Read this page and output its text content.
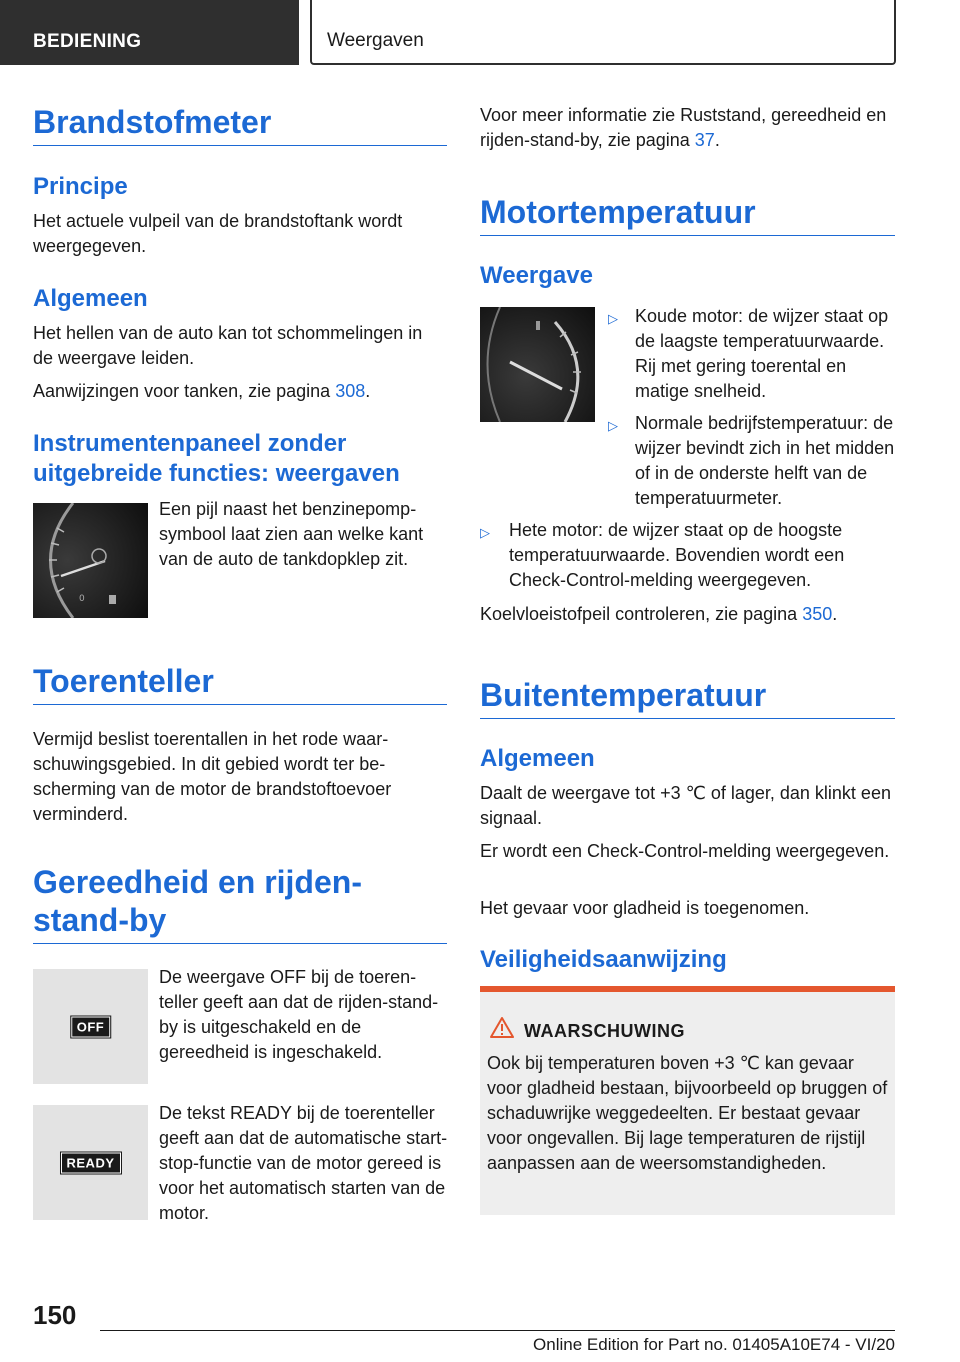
BEDIENING	Weergaven
Brandstofmeter
Principe
Het actuele vulpeil van de brandstoftank wordt weergegeven.
Algemeen
Het hellen van de auto kan tot schommelingen in de weergave leiden.
Aanwijzingen voor tanken, zie pagina 308.
Instrumentenpaneel zonder uitgebreide functies: weergaven
0
Een pijl naast het benzinepompsymbool laat zien aan welke kant van de auto de tankdopklep zit.
Toerenteller
Vermijd beslist toerentallen in het rode waarschuwingsgebied. In dit gebied wordt ter bescherming van de motor de brandstoftoevoer verminderd.
Gereedheid en rijden-stand-by
OFF
De weergave OFF bij de toerenteller geeft aan dat de rijden-stand-by is uitgeschakeld en de gereedheid is ingeschakeld.
READY
De tekst READY bij de toerenteller geeft aan dat de automatische start-stop-functie van de motor gereed is voor het automatisch starten van de motor.
Voor meer informatie zie Ruststand, gereedheid en rijden-stand-by, zie pagina 37.
Motortemperatuur
Weergave
▷ Koude motor: de wijzer staat op de laagste temperatuurwaarde. Rij met gering toerental en matige snelheid.
▷ Normale bedrijfstemperatuur: de wijzer bevindt zich in het midden of in de onderste helft van de temperatuurmeter.
▷	Hete motor: de wijzer staat op de hoogste temperatuurwaarde. Bovendien wordt een Check-Control-melding weergegeven.
Koelvloeistofpeil controleren, zie pagina 350.
Buitentemperatuur
Algemeen
Daalt de weergave tot +3 ℃ of lager, dan klinkt een signaal.
Er wordt een Check-Control-melding weergegeven.
Het gevaar voor gladheid is toegenomen.
Veiligheidsaanwijzing
WAARSCHUWING
Ook bij temperaturen boven +3 ℃ kan gevaar voor gladheid bestaan, bijvoorbeeld op bruggen of schaduwrijke weggedeelten. Er bestaat gevaar voor ongevallen. Bij lage temperaturen de rijstijl aanpassen aan de weersomstandigheden.
150
Online Edition for Part no. 01405A10E74 - VI/20
